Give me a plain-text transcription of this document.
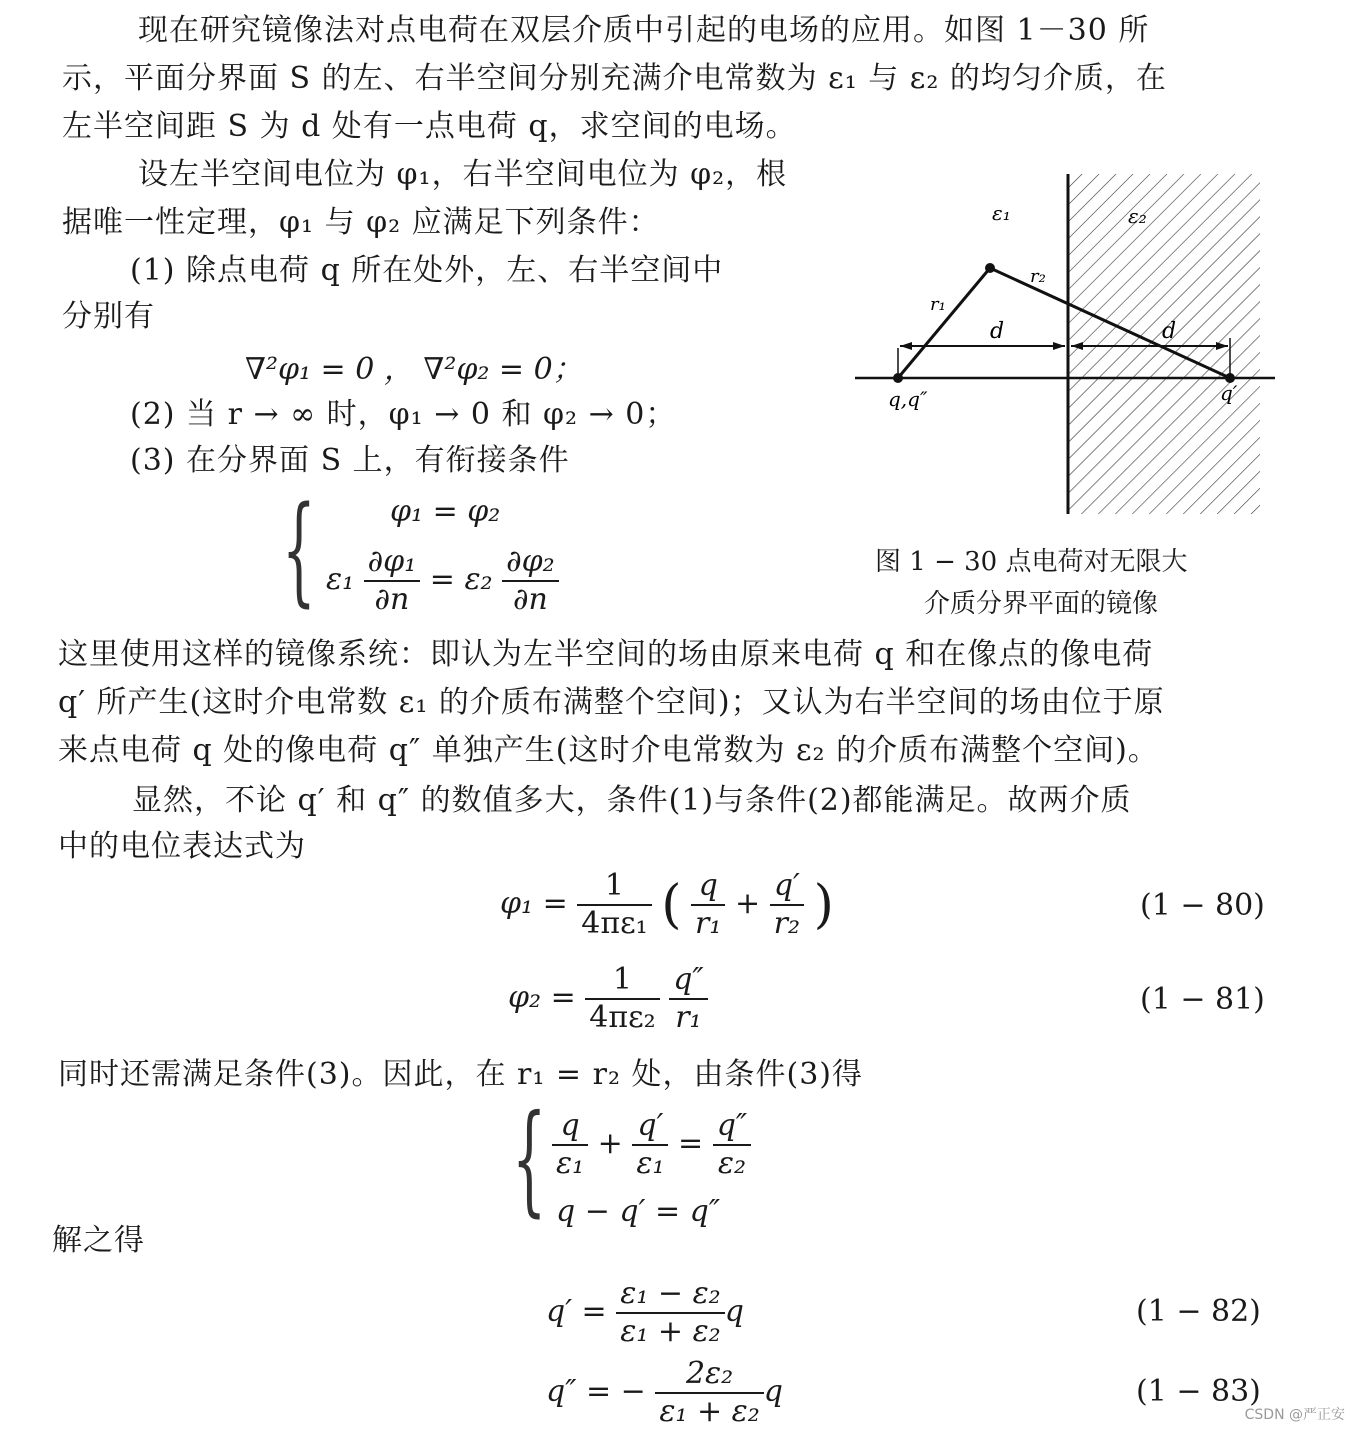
现在研究镜像法对点电荷在双层介质中引起的电场的应用。如图 1－30 所
示，平面分界面 S 的左、右半空间分别充满介电常数为 ε₁ 与 ε₂ 的均匀介质，在
左半空间距 S 为 d 处有一点电荷 q，求空间的电场。
设左半空间电位为 φ₁，右半空间电位为 φ₂，根
据唯一性定理，φ₁ 与 φ₂ 应满足下列条件：
(1) 除点电荷 q 所在处外，左、右半空间中
分别有
∇²φ₁ = 0 ， ∇²φ₂ = 0；
(2) 当 r → ∞ 时，φ₁ → 0 和 φ₂ → 0；
(3) 在分界面 S 上，有衔接条件
{ φ₁ = φ₂
$\varepsilon_1 \frac{\text{∂φ₁}}{\partial n} = \varepsilon_2 \frac{\text{∂φ₂}}{\partial n}$
ε₁	ε₂
r₁
r₂
d	d
q,q″	q′
图 1 − 30 点电荷对无限大
介质分界平面的镜像
这里使用这样的镜像系统：即认为左半空间的场由原来电荷 q 和在像点的像电荷
q′ 所产生(这时介电常数 ε₁ 的介质布满整个空间)；又认为右半空间的场由位于原
来点电荷 q 处的像电荷 q″ 单独产生(这时介电常数为 ε₂ 的介质布满整个空间)。
显然，不论 q′ 和 q″ 的数值多大，条件(1)与条件(2)都能满足。故两介质
中的电位表达式为
$\varphi_1 = \frac{1}{\text{4πε₁}}$ ( $\frac{q}{\text{r₁}} + \frac{q'}{\text{r₂}}$ )	(1 − 80)
$\varphi_2 = \frac{1}{\text{4πε₂}}$
$\frac{q''}{\text{r₁}}$	(1 − 81)
同时还需满足条件(3)。因此，在 r₁ = r₂ 处，由条件(3)得
{ $\frac{q}{\text{ε₁}} + \frac{q'}{\text{ε₁}} = \frac{q''}{\text{ε₂}}$
q − q′ = q″
解之得
$q' = \frac{\text{ε₁ − ε₂}}{\text{ε₁ + ε₂}}$ q	(1 − 82)
q″ = − $\frac{\text{2ε₂}}{\text{ε₁ + ε₂}}$ q	(1 − 83)
CSDN @严正安
